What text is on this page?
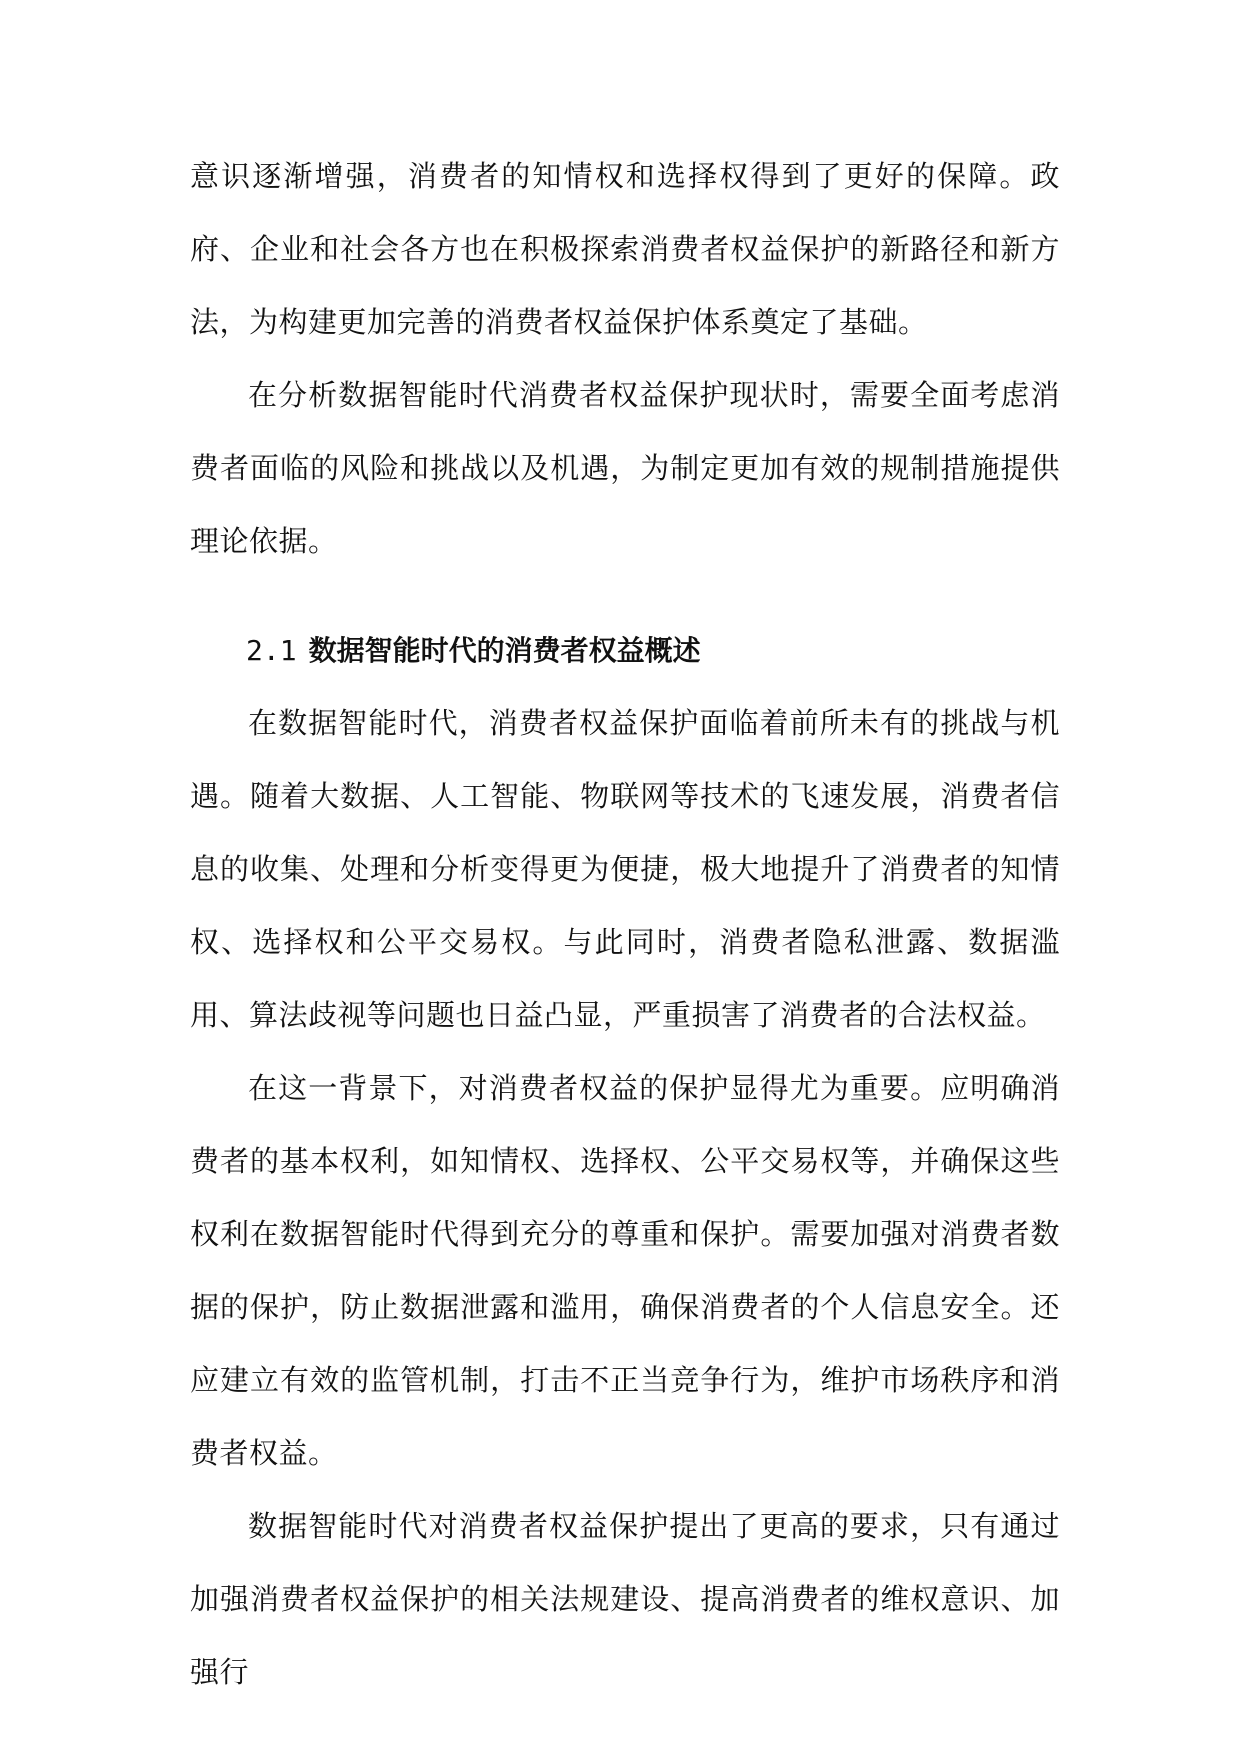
意识逐渐增强，消费者的知情权和选择权得到了更好的保障。政府、企业和社会各方也在积极探索消费者权益保护的新路径和新方法，为构建更加完善的消费者权益保护体系奠定了基础。

在分析数据智能时代消费者权益保护现状时，需要全面考虑消费者面临的风险和挑战以及机遇，为制定更加有效的规制措施提供理论依据。

2.1 数据智能时代的消费者权益概述

在数据智能时代，消费者权益保护面临着前所未有的挑战与机遇。随着大数据、人工智能、物联网等技术的飞速发展，消费者信息的收集、处理和分析变得更为便捷，极大地提升了消费者的知情权、选择权和公平交易权。与此同时，消费者隐私泄露、数据滥用、算法歧视等问题也日益凸显，严重损害了消费者的合法权益。

在这一背景下，对消费者权益的保护显得尤为重要。应明确消费者的基本权利，如知情权、选择权、公平交易权等，并确保这些权利在数据智能时代得到充分的尊重和保护。需要加强对消费者数据的保护，防止数据泄露和滥用，确保消费者的个人信息安全。还应建立有效的监管机制，打击不正当竞争行为，维护市场秩序和消费者权益。

数据智能时代对消费者权益保护提出了更高的要求，只有通过加强消费者权益保护的相关法规建设、提高消费者的维权意识、加强行
